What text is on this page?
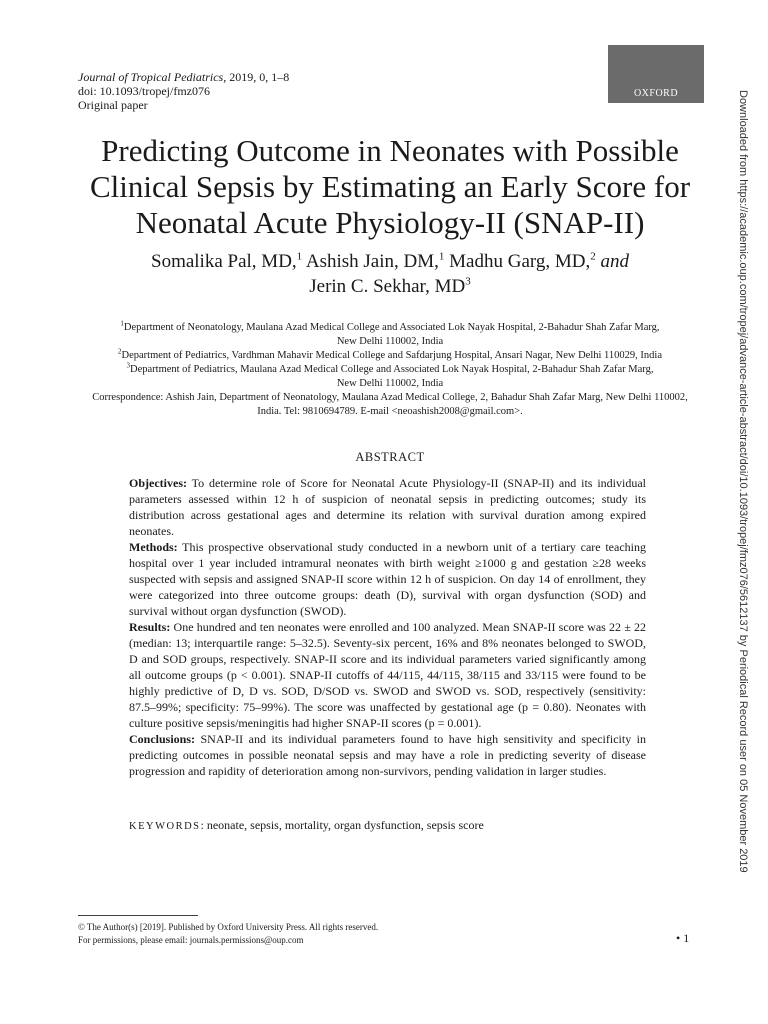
Journal of Tropical Pediatrics, 2019, 0, 1–8
doi: 10.1093/tropej/fmz076
Original paper
OXFORD
Predicting Outcome in Neonates with Possible
Clinical Sepsis by Estimating an Early Score for
Neonatal Acute Physiology-II (SNAP-II)
Somalika Pal, MD,$^1$ Ashish Jain, DM,$^1$ Madhu Garg, MD,$^2$ and
Jerin C. Sekhar, $MD^3$
$^1$Department of Neonatology, Maulana Azad Medical College and Associated Lok Nayak Hospital, 2-Bahadur Shah Zafar Marg,
New Delhi 110002, India
$^2$Department of Pediatrics, Vardhman Mahavir Medical College and Safdarjung Hospital, Ansari Nagar, New Delhi 110029, India
$^3$Department of Pediatrics, Maulana Azad Medical College and Associated Lok Nayak Hospital, 2-Bahadur Shah Zafar Marg,
New Delhi 110002, India
Correspondence: Ashish Jain, Department of Neonatology, Maulana Azad Medical College, 2, Bahadur Shah Zafar Marg, New Delhi 110002,
India. Tel: 9810694789. E-mail <neoashish2008@gmail.com>.
ABSTRACT

Objectives: To determine role of Score for Neonatal Acute Physiology-II (SNAP-II) and its individual parameters assessed within 12 h of suspicion of neonatal sepsis in predicting outcomes; study its distribution across gestational ages and determine its relation with survival duration among expired neonates.

Methods: This prospective observational study conducted in a newborn unit of a tertiary care teaching hospital over 1 year included intramural neonates with birth weight ≥1000 g and gestation ≥28 weeks suspected with sepsis and assigned SNAP-II score within 12 h of suspicion. On day 14 of enrollment, they were categorized into three outcome groups: death (D), survival with organ dysfunction (SOD) and survival without organ dysfunction (SWOD).

Results: One hundred and ten neonates were enrolled and 100 analyzed. Mean SNAP-II score was 22 ± 22 (median: 13; interquartile range: 5–32.5). Seventy-six percent, 16% and 8% neonates belonged to SWOD, D and SOD groups, respectively. SNAP-II score and its individual parameters varied significantly among all outcome groups (p < 0.001). SNAP-II cutoffs of 44/115, 44/115, 38/115 and 33/115 were found to be highly predictive of D, D vs. SOD, D/SOD vs. SWOD and SWOD vs. SOD, respectively (sensitivity: 87.5–99%; specificity: 75–99%). The score was unaffected by gestational age (p = 0.80). Neonates with culture positive sepsis/meningitis had higher SNAP-II scores (p = 0.001).

Conclusions: SNAP-II and its individual parameters found to have high sensitivity and specificity in predicting outcomes in possible neonatal sepsis and may have a role in predicting severity of disease progression and rapidity of deterioration among non-survivors, pending validation in larger studies.

KEYWORDS: neonate, sepsis, mortality, organ dysfunction, sepsis score
© The Author(s) [2019]. Published by Oxford University Press. All rights reserved.
For permissions, please email: journals.permissions@oup.com	• 1
Downloaded from https://academic.oup.com/tropej/advance-article-abstract/doi/10.1093/tropej/fmz076/5612137 by Periodical Record user on 05 November 2019
